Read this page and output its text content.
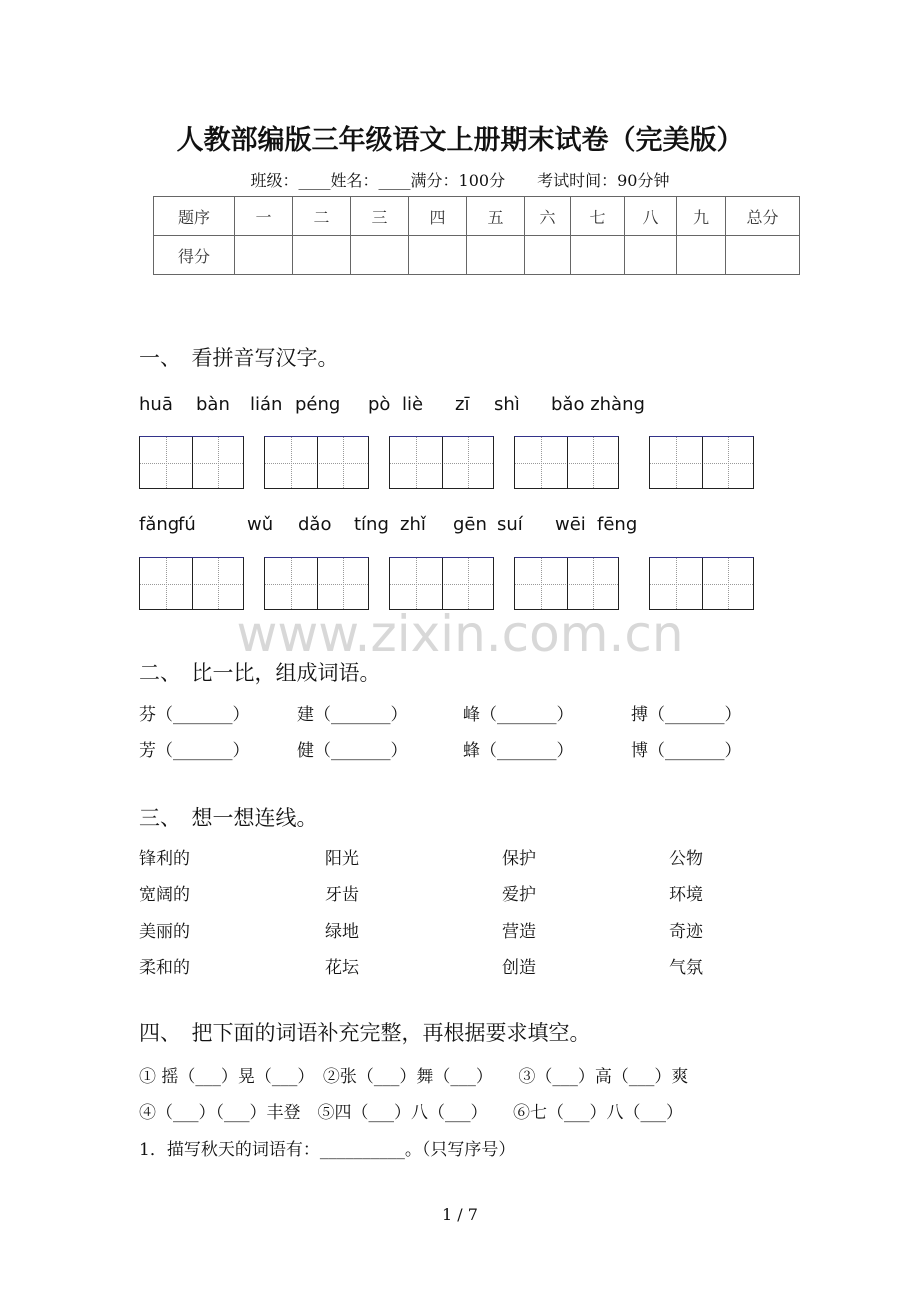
人教部编版三年级语文上册期末试卷（完美版）
班级：____姓名：____满分：100分　　考试时间：90分钟
题序	一	二	三	四	五	六	七	八	九	总分
得分										
一、　看拼音写汉字。
huā bàn lián péng pò liè zī shì bǎo zhàng
fǎng
fú	wǔ dǎo tíng zhǐ gēn suí wēi fēng
www.zixin.com.cn
二、　比一比，组成词语。
芬（_______）	建（_______）	峰（_______）	搏（_______）
芳（_______）	健（_______）	蜂（_______）	博（_______）
三、　想一想连线。
锋利的	阳光	保护	公物
宽阔的	牙齿	爱护	环境
美丽的	绿地	营造	奇迹
柔和的	花坛	创造	气氛
四、　把下面的词语补充完整，再根据要求填空。
① 摇（___）晃（___）　②张（___）舞（___）　　③（___）高（___）爽
④（___）（___）丰登　⑤四（___）八（___）　　⑥七（___）八（___）
1．描写秋天的词语有：__________。（只写序号）
1 / 7
